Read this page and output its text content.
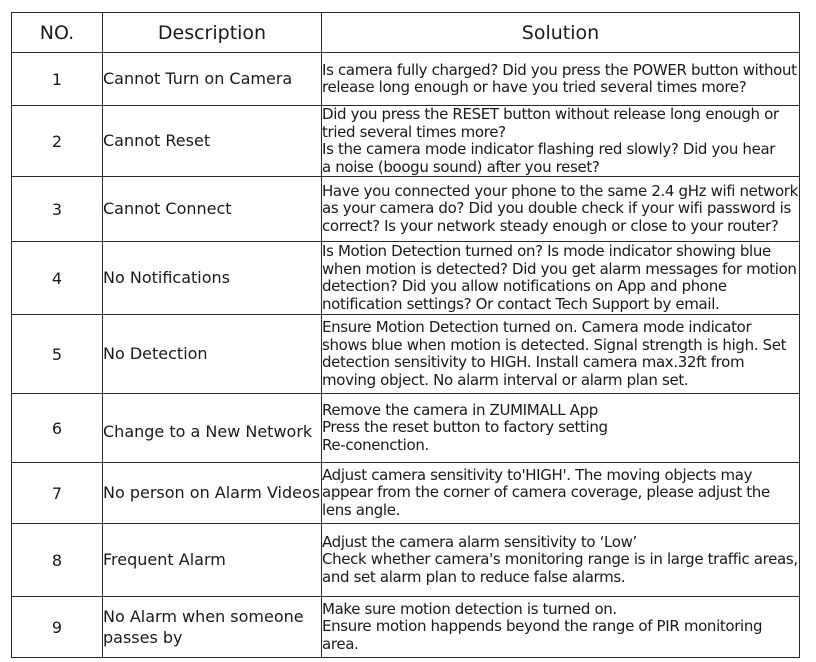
NO.	Description	Solution
1	Cannot Turn on Camera	Is camera fully charged? Did you press the POWER button without
release long enough or have you tried several times more?

2	Cannot Reset	Did you press the RESET button without release long enough or
tried several times more?
Is the camera mode indicator flashing red slowly? Did you hear
a noise (boogu sound) after you reset?

3	Cannot Connect	Have you connected your phone to the same 2.4 gHz wifi network
as your camera do? Did you double check if your wifi password is
correct? Is your network steady enough or close to your router?

4	No Notifications	Is Motion Detection turned on? Is mode indicator showing blue
when motion is detected? Did you get alarm messages for motion
detection? Did you allow notifications on App and phone
notification settings? Or contact Tech Support by email.

5	No Detection	Ensure Motion Detection turned on. Camera mode indicator
shows blue when motion is detected. Signal strength is high. Set
detection sensitivity to HIGH. Install camera max.32ft from
moving object. No alarm interval or alarm plan set.

6	Change to a New Network	Remove the camera in ZUMIMALL App
Press the reset button to factory setting
Re-conenction.

7	No person on Alarm Videos	Adjust camera sensitivity to'HIGH'. The moving objects may
appear from the corner of camera coverage, please adjust the
lens angle.

8	Frequent Alarm	Adjust the camera alarm sensitivity to ‘Low’
Check whether camera's monitoring range is in large traffic areas,
and set alarm plan to reduce false alarms.

9	No Alarm when someone
passes by	Make sure motion detection is turned on.
Ensure motion happends beyond the range of PIR monitoring
area.
